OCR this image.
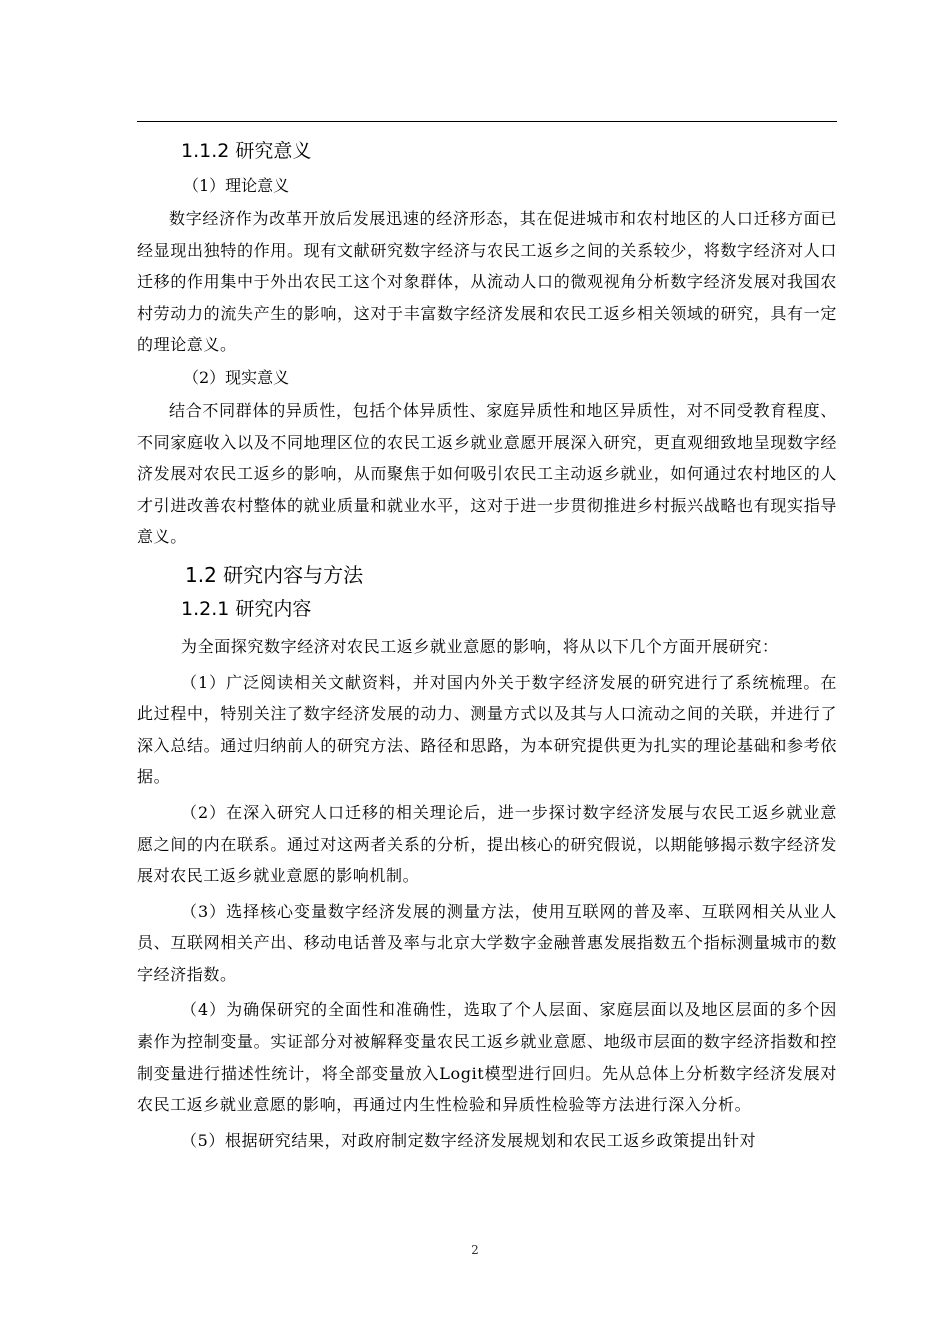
1.1.2 研究意义
（1）理论意义

数字经济作为改革开放后发展迅速的经济形态，其在促进城市和农村地区的人口迁移方面已经显现出独特的作用。现有文献研究数字经济与农民工返乡之间的关系较少，将数字经济对人口迁移的作用集中于外出农民工这个对象群体，从流动人口的微观视角分析数字经济发展对我国农村劳动力的流失产生的影响，这对于丰富数字经济发展和农民工返乡相关领域的研究，具有一定的理论意义。

（2）现实意义

结合不同群体的异质性，包括个体异质性、家庭异质性和地区异质性，对不同受教育程度、不同家庭收入以及不同地理区位的农民工返乡就业意愿开展深入研究，更直观细致地呈现数字经济发展对农民工返乡的影响，从而聚焦于如何吸引农民工主动返乡就业，如何通过农村地区的人才引进改善农村整体的就业质量和就业水平，这对于进一步贯彻推进乡村振兴战略也有现实指导意义。

1.2 研究内容与方法
1.2.1 研究内容

为全面探究数字经济对农民工返乡就业意愿的影响，将从以下几个方面开展研究：

（1）广泛阅读相关文献资料，并对国内外关于数字经济发展的研究进行了系统梳理。在此过程中，特别关注了数字经济发展的动力、测量方式以及其与人口流动之间的关联，并进行了深入总结。通过归纳前人的研究方法、路径和思路，为本研究提供更为扎实的理论基础和参考依据。

（2）在深入研究人口迁移的相关理论后，进一步探讨数字经济发展与农民工返乡就业意愿之间的内在联系。通过对这两者关系的分析，提出核心的研究假说，以期能够揭示数字经济发展对农民工返乡就业意愿的影响机制。

（3）选择核心变量数字经济发展的测量方法，使用互联网的普及率、互联网相关从业人员、互联网相关产出、移动电话普及率与北京大学数字金融普惠发展指数五个指标测量城市的数字经济指数。

（4）为确保研究的全面性和准确性，选取了个人层面、家庭层面以及地区层面的多个因素作为控制变量。实证部分对被解释变量农民工返乡就业意愿、地级市层面的数字经济指数和控制变量进行描述性统计，将全部变量放入Logit模型进行回归。先从总体上分析数字经济发展对农民工返乡就业意愿的影响，再通过内生性检验和异质性检验等方法进行深入分析。

（5）根据研究结果，对政府制定数字经济发展规划和农民工返乡政策提出针对

2
